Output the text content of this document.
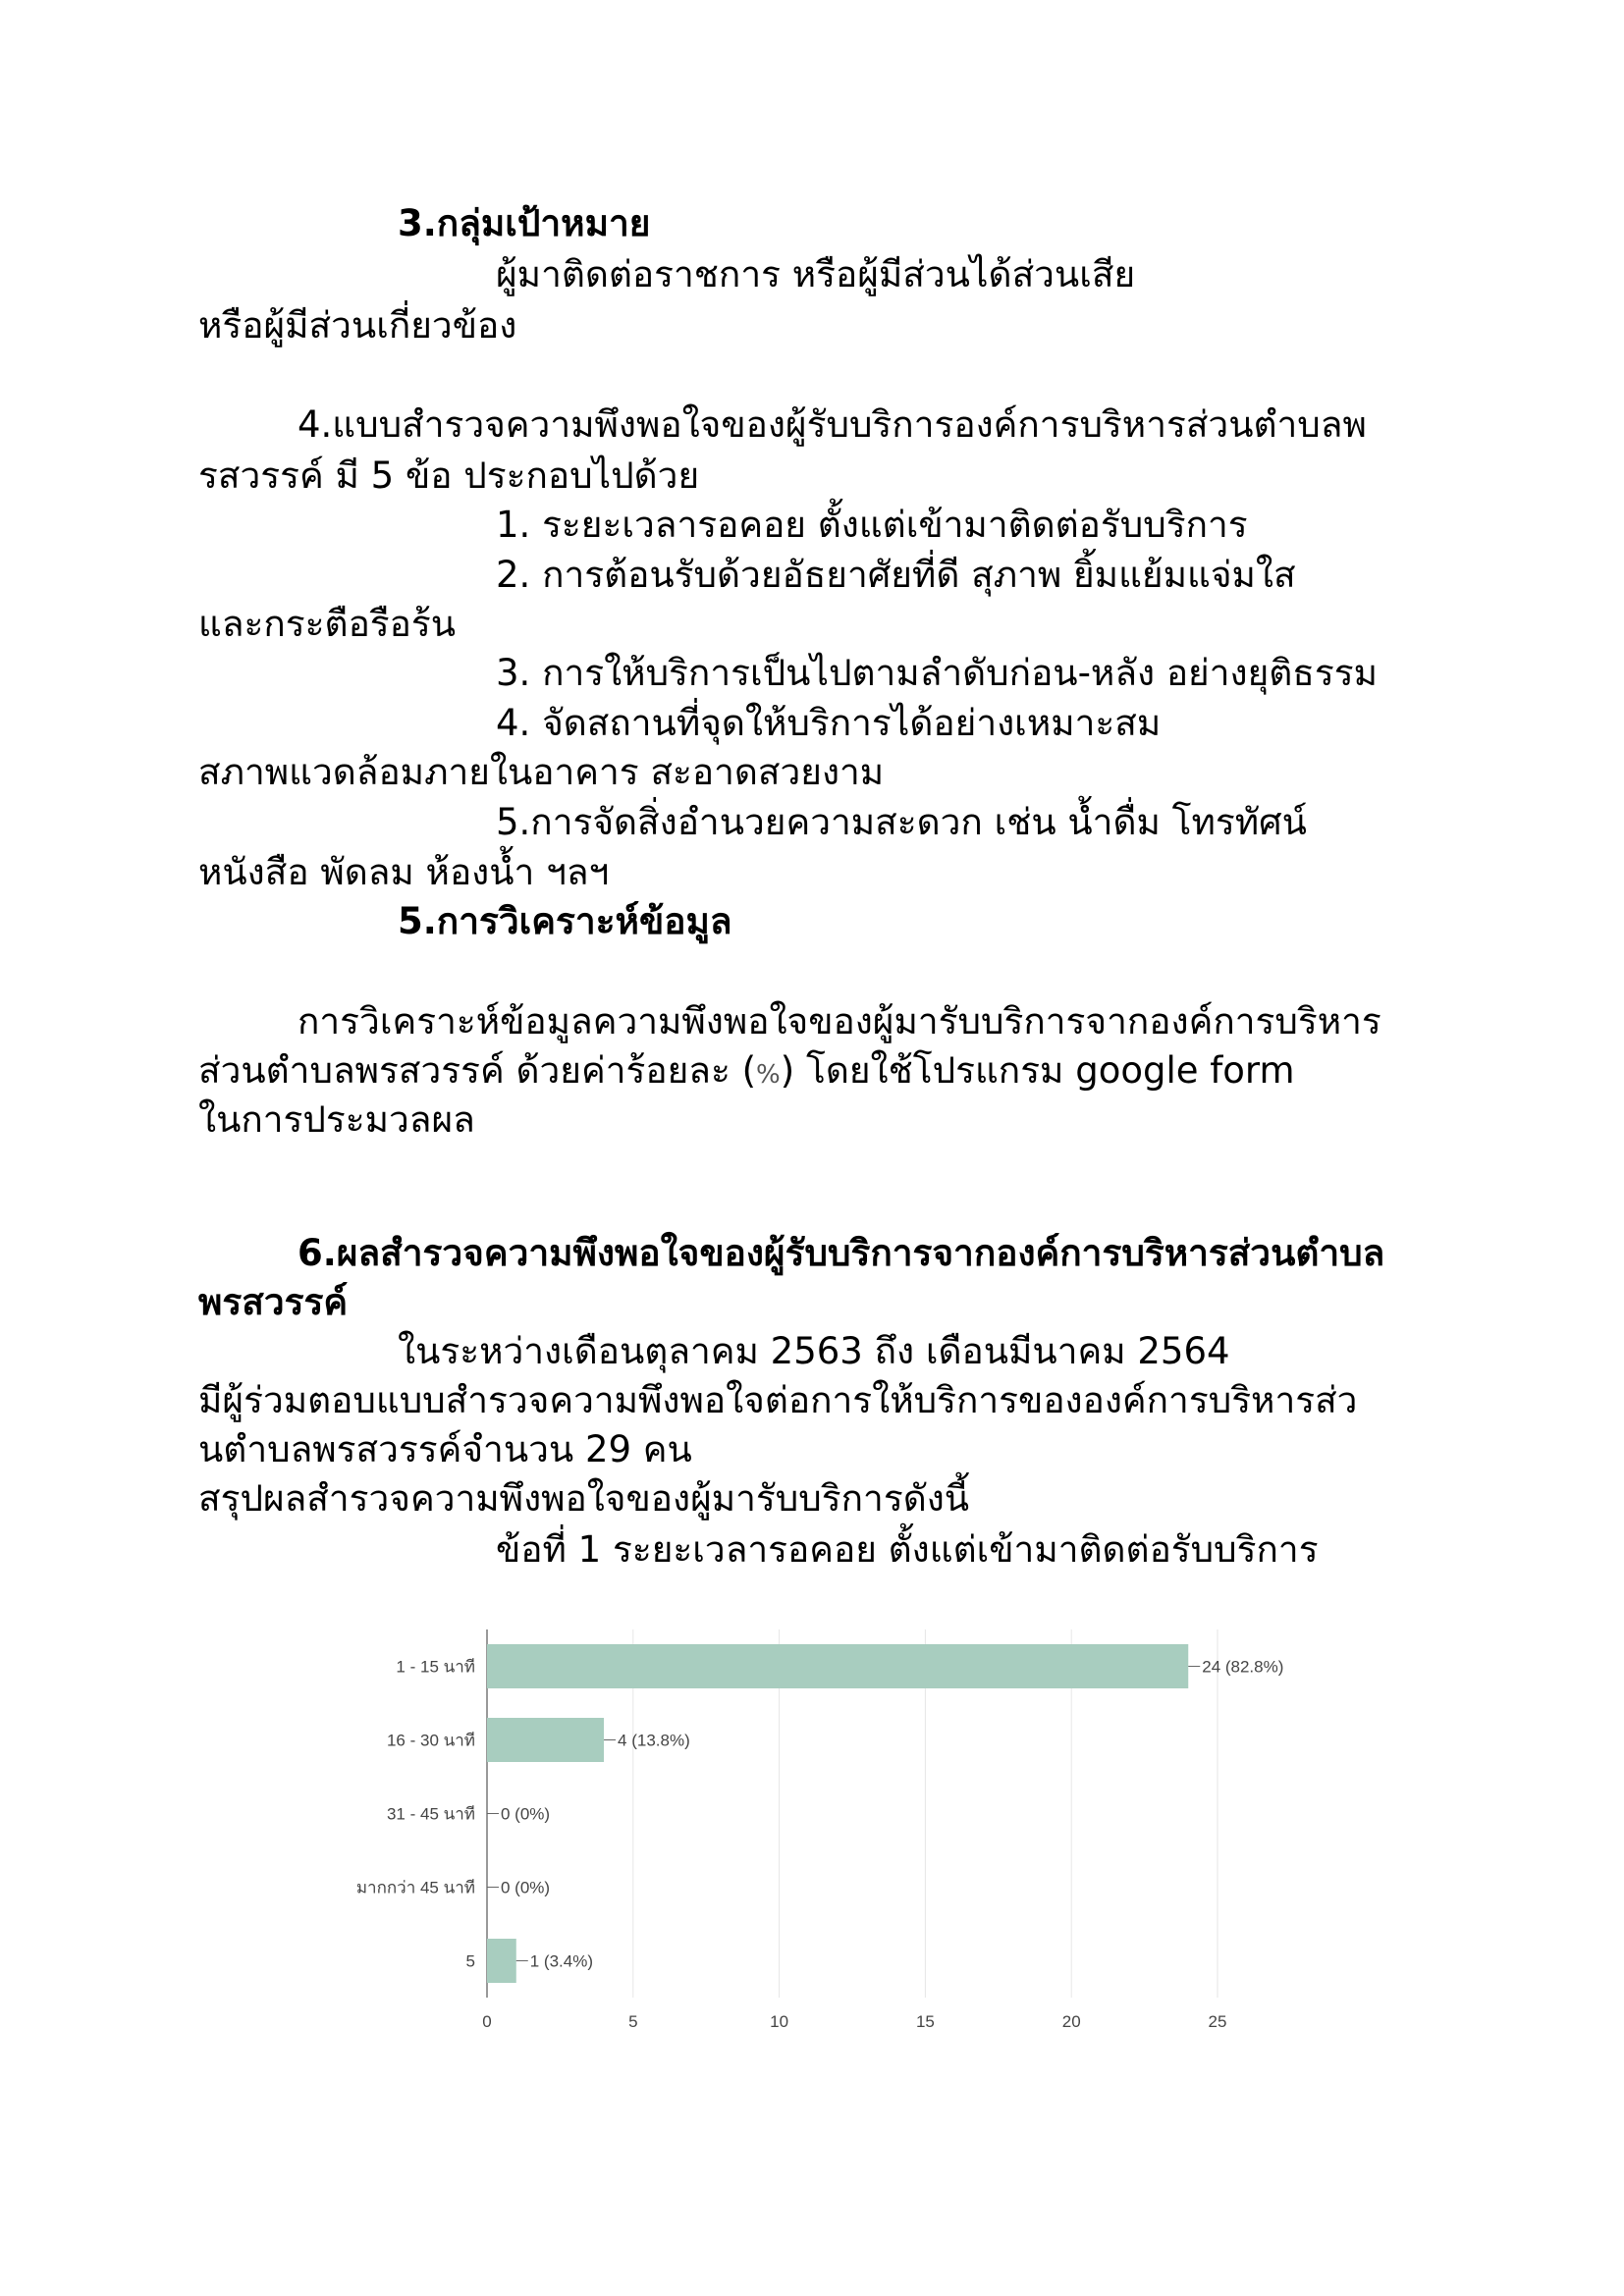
3.กลุ่มเป้าหมาย
ผู้มาติดต่อราชการ หรือผู้มีส่วนได้ส่วนเสีย
หรือผู้มีส่วนเกี่ยวข้อง
4.แบบสำรวจความพึงพอใจของผู้รับบริการองค์การบริหารส่วนตำบลพ
รสวรรค์ มี 5 ข้อ ประกอบไปด้วย
1. ระยะเวลารอคอย ตั้งแต่เข้ามาติดต่อรับบริการ
2. การต้อนรับด้วยอัธยาศัยที่ดี สุภาพ ยิ้มแย้มแจ่มใส
และกระตือรือร้น
3. การให้บริการเป็นไปตามลำดับก่อน-หลัง อย่างยุติธรรม
4. จัดสถานที่จุดให้บริการได้อย่างเหมาะสม
สภาพแวดล้อมภายในอาคาร สะอาดสวยงาม
5.การจัดสิ่งอำนวยความสะดวก เช่น น้ำดื่ม โทรทัศน์
หนังสือ พัดลม ห้องน้ำ ฯลฯ
5.การวิเคราะห์ข้อมูล
การวิเคราะห์ข้อมูลความพึงพอใจของผู้มารับบริการจากองค์การบริหาร
ส่วนตำบลพรสวรรค์ ด้วยค่าร้อยละ (%) โดยใช้โปรแกรม google form
ในการประมวลผล
6.ผลสำรวจความพึงพอใจของผู้รับบริการจากองค์การบริหารส่วนตำบล
พรสวรรค์
ในระหว่างเดือนตุลาคม 2563 ถึง เดือนมีนาคม 2564
มีผู้ร่วมตอบแบบสำรวจความพึงพอใจต่อการให้บริการขององค์การบริหารส่ว
นตำบลพรสวรรค์จำนวน 29 คน
สรุปผลสำรวจความพึงพอใจของผู้มารับบริการดังนี้
ข้อที่ 1 ระยะเวลารอคอย ตั้งแต่เข้ามาติดต่อรับบริการ
0	5	10	15	20	25
1 - 15 นาที	24 (82.8%)
16 - 30 นาที	4 (13.8%)
31 - 45 นาที 0 (0%)
มากกว่า 45 นาที 0 (0%)
5	1 (3.4%)
